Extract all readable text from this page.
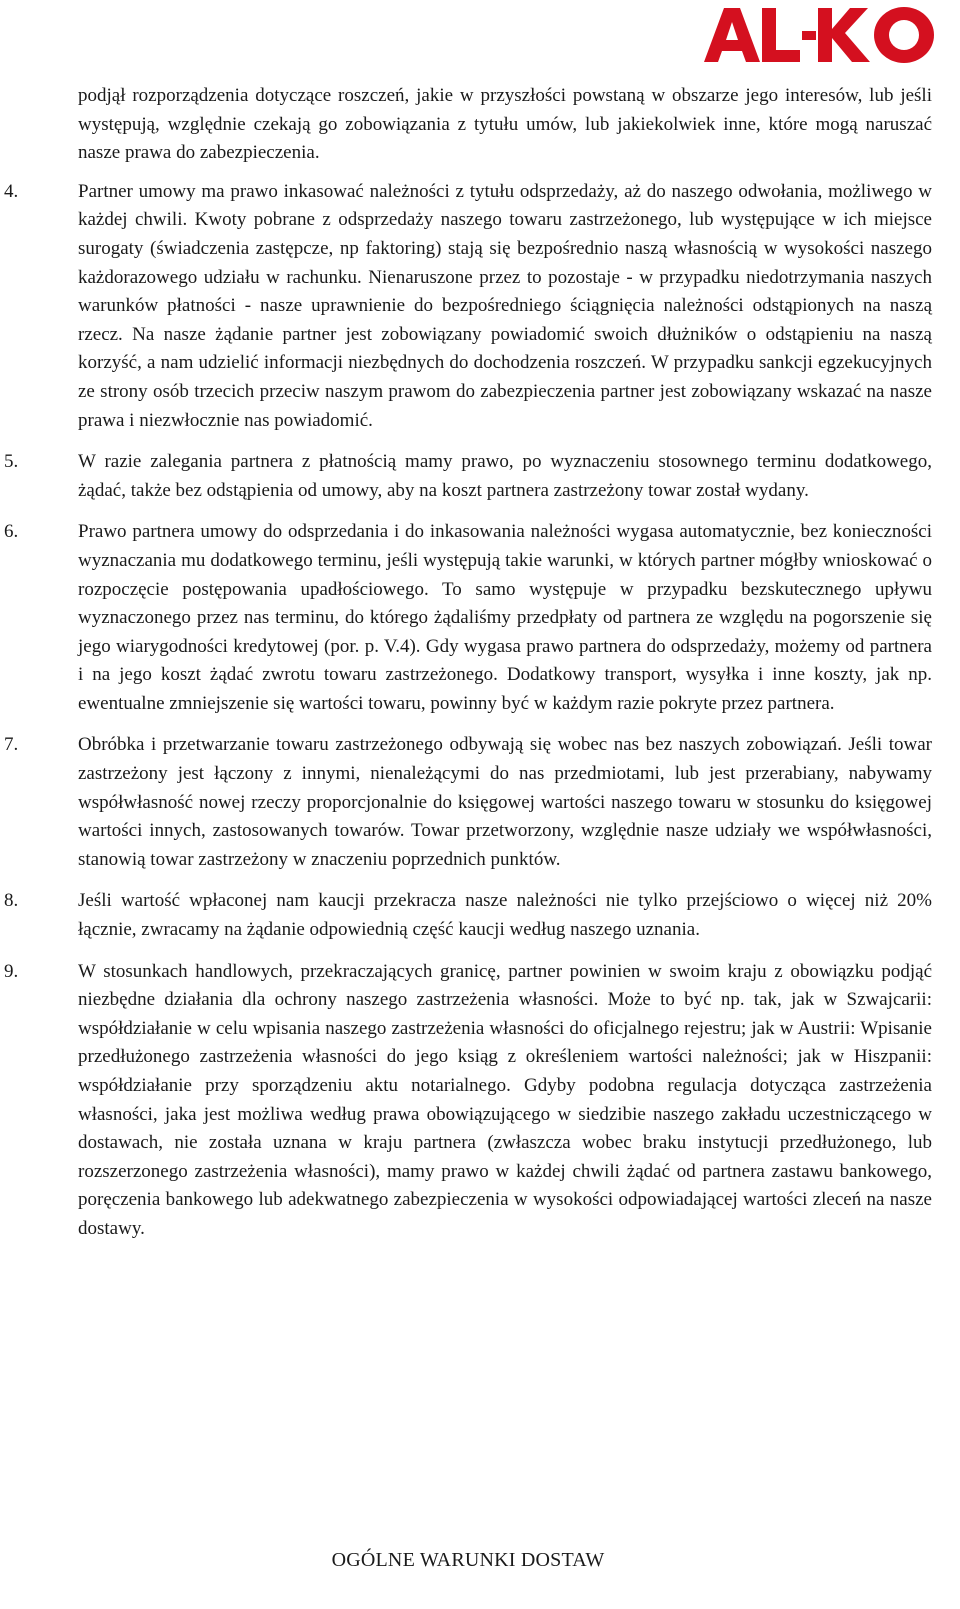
podjął rozporządzenia dotyczące roszczeń, jakie w przyszłości powstaną w obszarze jego interesów, lub jeśli występują, względnie czekają go zobowiązania z tytułu umów, lub jakiekolwiek inne, które mogą naruszać nasze prawa do zabezpieczenia.

4.	Partner umowy ma prawo inkasować należności z tytułu odsprzedaży, aż do naszego odwołania, możliwego w każdej chwili. Kwoty pobrane z odsprzedaży naszego towaru zastrzeżonego, lub występujące w ich miejsce surogaty (świadczenia zastępcze, np faktoring) stają się bezpośrednio naszą własnością w wysokości naszego każdorazowego udziału w rachunku. Nienaruszone przez to pozostaje - w przypadku niedotrzymania naszych warunków płatności - nasze uprawnienie do bezpośredniego ściągnięcia należności odstąpionych na naszą rzecz. Na nasze żądanie partner jest zobowiązany powiadomić swoich dłużników o odstąpieniu na naszą korzyść, a nam udzielić informacji niezbędnych do dochodzenia roszczeń. W przypadku sankcji egzekucyjnych ze strony osób trzecich przeciw naszym prawom do zabezpieczenia partner jest zobowiązany wskazać na nasze prawa i niezwłocznie nas powiadomić.
5.	W razie zalegania partnera z płatnością mamy prawo, po wyznaczeniu stosownego terminu dodatkowego, żądać, także bez odstąpienia od umowy, aby na koszt partnera zastrzeżony towar został wydany.
6.	Prawo partnera umowy do odsprzedania i do inkasowania należności wygasa automatycznie, bez konieczności wyznaczania mu dodatkowego terminu, jeśli występują takie warunki, w których partner mógłby wnioskować o rozpoczęcie postępowania upadłościowego. To samo występuje w przypadku bezskutecznego upływu wyznaczonego przez nas terminu, do którego żądaliśmy przedpłaty od partnera ze względu na pogorszenie się jego wiarygodności kredytowej (por. p. V.4). Gdy wygasa prawo partnera do odsprzedaży, możemy od partnera i na jego koszt żądać zwrotu towaru zastrzeżonego. Dodatkowy transport, wysyłka i inne koszty, jak np. ewentualne zmniejszenie się wartości towaru, powinny być w każdym razie pokryte przez partnera.
7.	Obróbka i przetwarzanie towaru zastrzeżonego odbywają się wobec nas bez naszych zobowiązań. Jeśli towar zastrzeżony jest łączony z innymi, nienależącymi do nas przedmiotami, lub jest przerabiany, nabywamy współwłasność nowej rzeczy proporcjonalnie do księgowej wartości naszego towaru w stosunku do księgowej wartości innych, zastosowanych towarów. Towar przetworzony, względnie nasze udziały we współwłasności, stanowią towar zastrzeżony w znaczeniu poprzednich punktów.
8.	Jeśli wartość wpłaconej nam kaucji przekracza nasze należności nie tylko przejściowo o więcej niż 20% łącznie, zwracamy na żądanie odpowiednią część kaucji według naszego uznania.
9.	W stosunkach handlowych, przekraczających granicę, partner powinien w swoim kraju z obowiązku podjąć niezbędne działania dla ochrony naszego zastrzeżenia własności. Może to być np. tak, jak w Szwajcarii: współdziałanie w celu wpisania naszego zastrzeżenia własności do oficjalnego rejestru; jak w Austrii: Wpisanie przedłużonego zastrzeżenia własności do jego ksiąg z określeniem wartości należności; jak w Hiszpanii: współdziałanie przy sporządzeniu aktu notarialnego. Gdyby podobna regulacja dotycząca zastrzeżenia własności, jaka jest możliwa według prawa obowiązującego w siedzibie naszego zakładu uczestniczącego w dostawach, nie została uznana w kraju partnera (zwłaszcza wobec braku instytucji przedłużonego, lub rozszerzonego zastrzeżenia własności), mamy prawo w każdej chwili żądać od partnera zastawu bankowego, poręczenia bankowego lub adekwatnego zabezpieczenia w wysokości odpowiadającej wartości zleceń na nasze dostawy.
OGÓLNE WARUNKI DOSTAW
